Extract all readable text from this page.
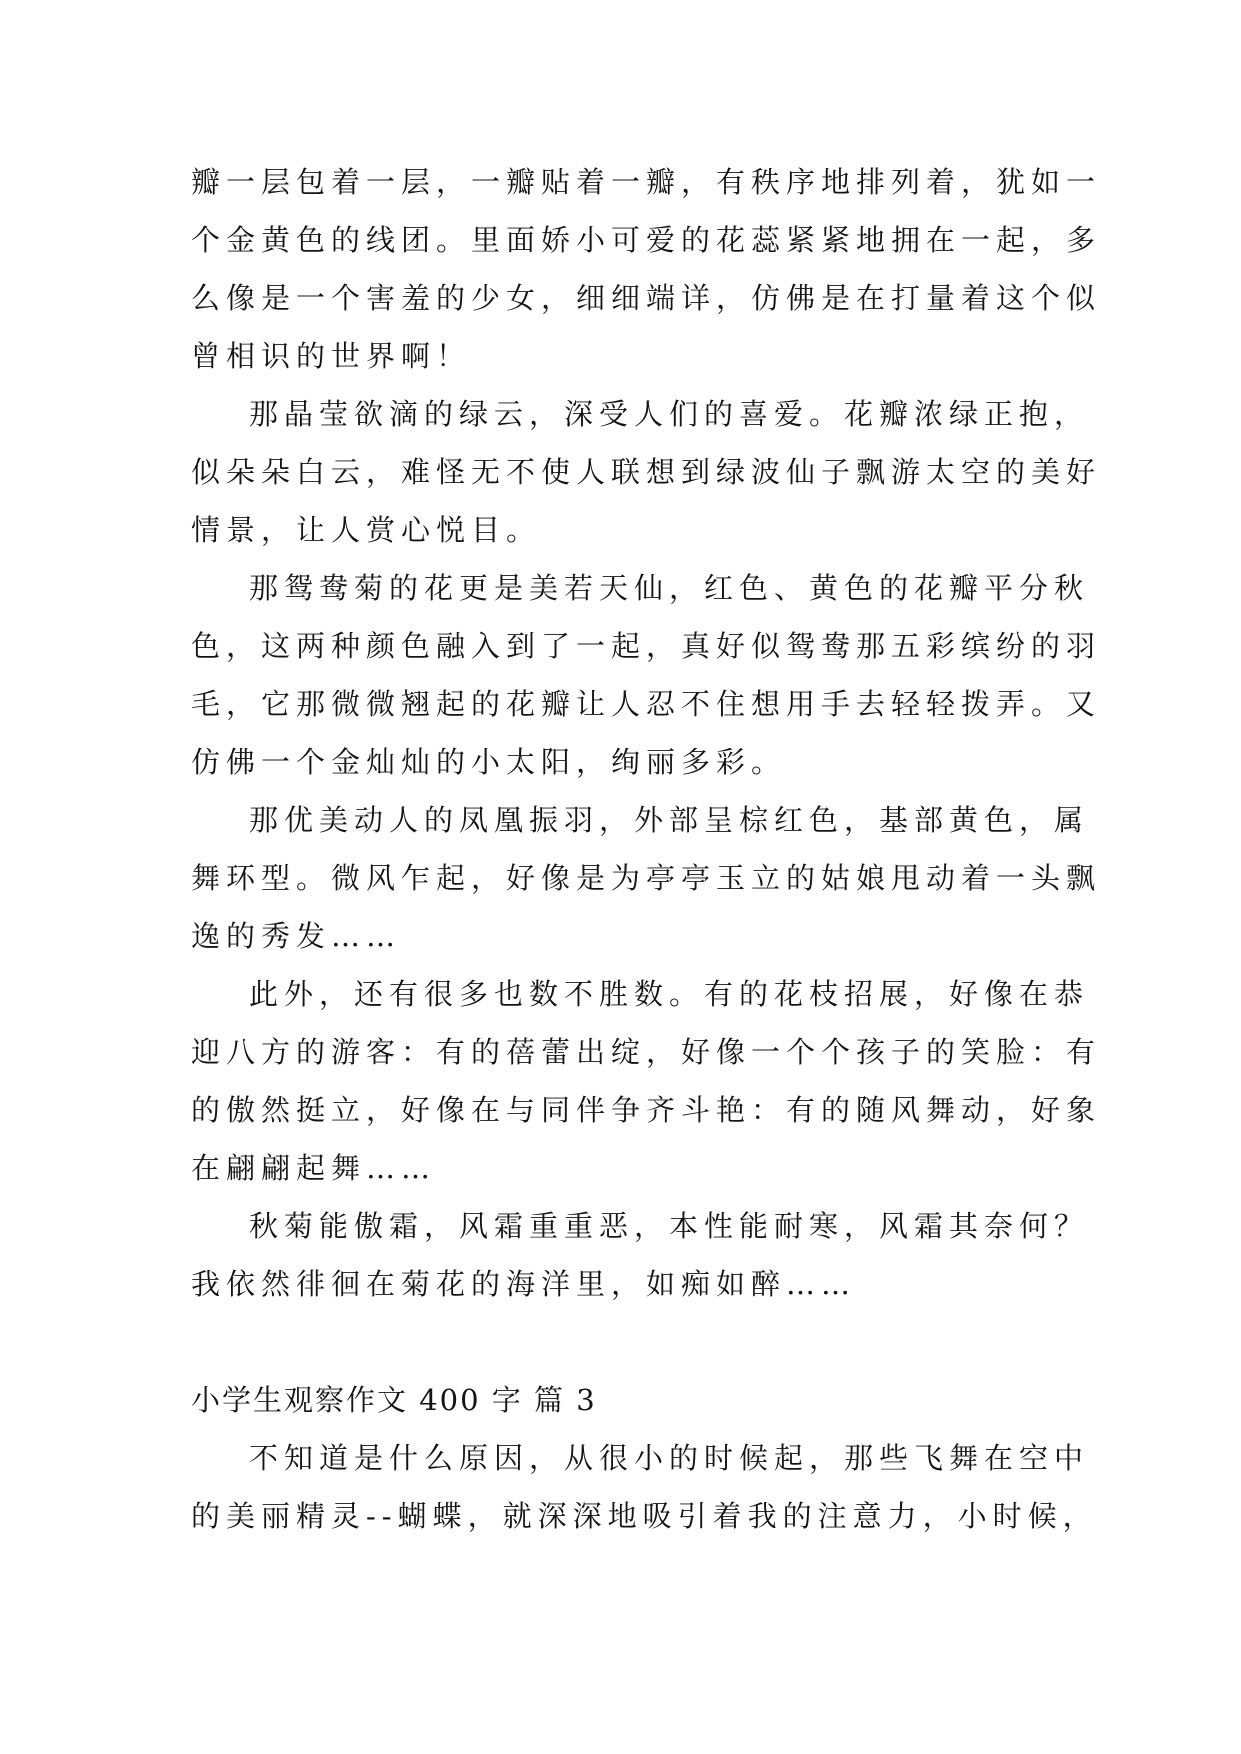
瓣一层包着一层，一瓣贴着一瓣，有秩序地排列着，犹如一
个金黄色的线团。里面娇小可爱的花蕊紧紧地拥在一起，多
么像是一个害羞的少女，细细端详，仿佛是在打量着这个似
曾相识的世界啊！
那晶莹欲滴的绿云，深受人们的喜爱。花瓣浓绿正抱，
似朵朵白云，难怪无不使人联想到绿波仙子飘游太空的美好
情景，让人赏心悦目。
那鸳鸯菊的花更是美若天仙，红色、黄色的花瓣平分秋
色，这两种颜色融入到了一起，真好似鸳鸯那五彩缤纷的羽
毛，它那微微翘起的花瓣让人忍不住想用手去轻轻拨弄。又
仿佛一个金灿灿的小太阳，绚丽多彩。
那优美动人的凤凰振羽，外部呈棕红色，基部黄色，属
舞环型。微风乍起，好像是为亭亭玉立的姑娘甩动着一头飘
逸的秀发……
此外，还有很多也数不胜数。有的花枝招展，好像在恭
迎八方的游客：有的蓓蕾出绽，好像一个个孩子的笑脸：有
的傲然挺立，好像在与同伴争齐斗艳：有的随风舞动，好象
在翩翩起舞……
秋菊能傲霜，风霜重重恶，本性能耐寒，风霜其奈何？
我依然徘徊在菊花的海洋里，如痴如醉……
小学生观察作文 400 字 篇 3
不知道是什么原因，从很小的时候起，那些飞舞在空中
的美丽精灵--蝴蝶，就深深地吸引着我的注意力，小时候，
